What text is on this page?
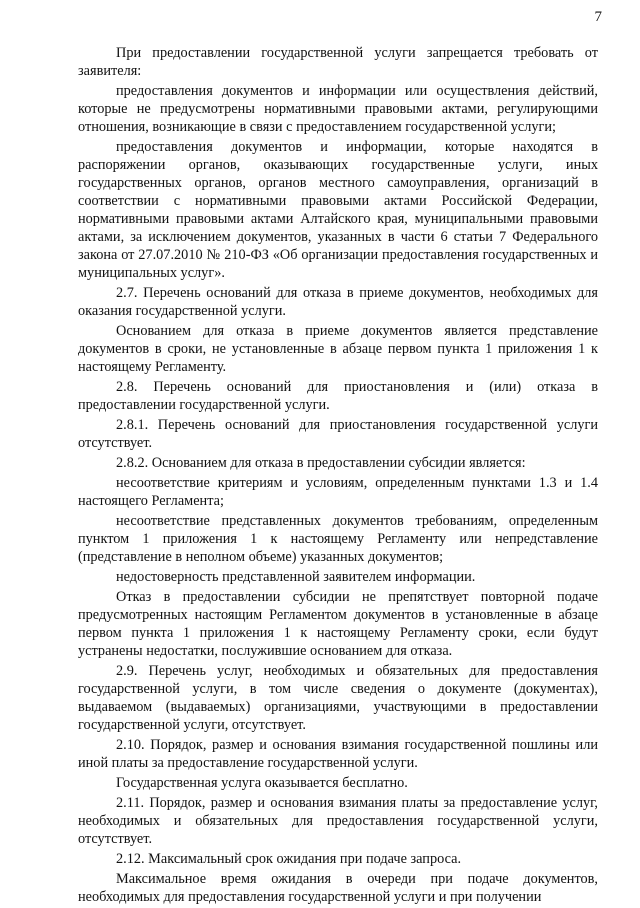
7

При предоставлении государственной услуги запрещается требовать от заявителя:

предоставления документов и информации или осуществления действий, которые не предусмотрены нормативными правовыми актами, регулирующими отношения, возникающие в связи с предоставлением государственной услуги;

предоставления документов и информации, которые находятся в распоряжении органов, оказывающих государственные услуги, иных государственных органов, органов местного самоуправления, организаций в соответствии с нормативными правовыми актами Российской Федерации, нормативными правовыми актами Алтайского края, муниципальными правовыми актами, за исключением документов, указанных в части 6 статьи 7 Федерального закона от 27.07.2010 № 210-ФЗ «Об организации предоставления государственных и муниципальных услуг».

2.7. Перечень оснований для отказа в приеме документов, необходимых для оказания государственной услуги.

Основанием для отказа в приеме документов является представление документов в сроки, не установленные в абзаце первом пункта 1 приложения 1 к настоящему Регламенту.

2.8. Перечень оснований для приостановления и (или) отказа в предоставлении государственной услуги.

2.8.1. Перечень оснований для приостановления государственной услуги отсутствует.

2.8.2. Основанием для отказа в предоставлении субсидии является:

несоответствие критериям и условиям, определенным пунктами 1.3 и 1.4 настоящего Регламента;

несоответствие представленных документов требованиям, определенным пунктом 1 приложения 1 к настоящему Регламенту или непредставление (представление в неполном объеме) указанных документов;

недостоверность представленной заявителем информации.

Отказ в предоставлении субсидии не препятствует повторной подаче предусмотренных настоящим Регламентом документов в установленные в абзаце первом пункта 1 приложения 1 к настоящему Регламенту сроки, если будут устранены недостатки, послужившие основанием для отказа.

2.9. Перечень услуг, необходимых и обязательных для предоставления государственной услуги, в том числе сведения о документе (документах), выдаваемом (выдаваемых) организациями, участвующими в предоставлении государственной услуги, отсутствует.

2.10. Порядок, размер и основания взимания государственной пошлины или иной платы за предоставление государственной услуги.

Государственная услуга оказывается бесплатно.

2.11. Порядок, размер и основания взимания платы за предоставление услуг, необходимых и обязательных для предоставления государственной услуги, отсутствует.

2.12. Максимальный срок ожидания при подаче запроса.

Максимальное время ожидания в очереди при подаче документов, необходимых для предоставления государственной услуги и при получении
